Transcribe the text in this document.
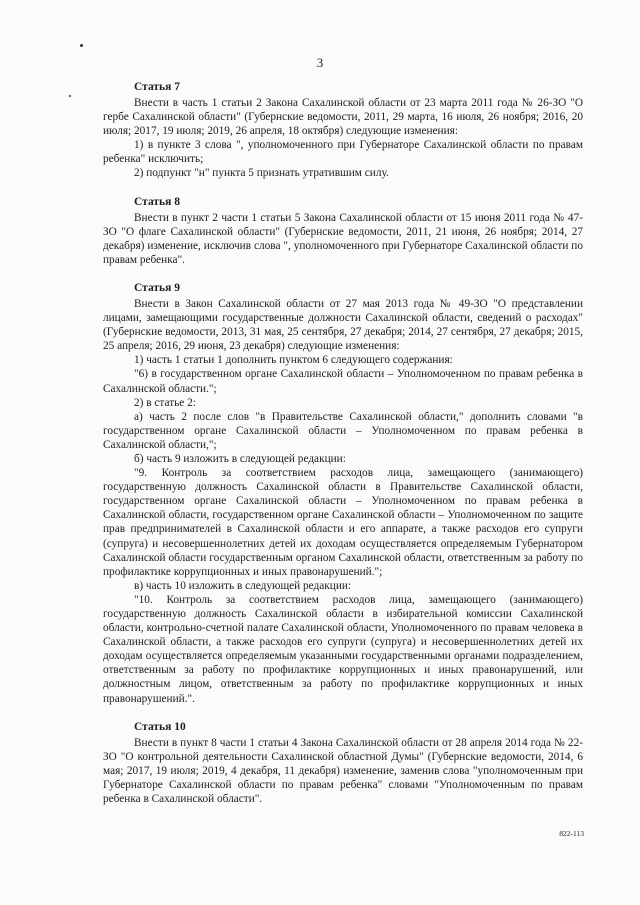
3
Статья 7

Внести в часть 1 статьи 2 Закона Сахалинской области от 23 марта 2011 года № 26-ЗО "О гербе Сахалинской области" (Губернские ведомости, 2011, 29 марта, 16 июля, 26 ноября; 2016, 20 июля; 2017, 19 июля; 2019, 26 апреля, 18 октября) следующие изменения:

1) в пункте 3 слова ", уполномоченного при Губернаторе Сахалинской области по правам ребенка" исключить;

2) подпункт "н" пункта 5 признать утратившим силу.

Статья 8

Внести в пункт 2 части 1 статьи 5 Закона Сахалинской области от 15 июня 2011 года № 47-ЗО "О флаге Сахалинской области" (Губернские ведомости, 2011, 21 июня, 26 ноября; 2014, 27 декабря) изменение, исключив слова ", уполномоченного при Губернаторе Сахалинской области по правам ребенка".

Статья 9

Внести в Закон Сахалинской области от 27 мая 2013 года № 49-ЗО "О представлении лицами, замещающими государственные должности Сахалинской области, сведений о расходах" (Губернские ведомости, 2013, 31 мая, 25 сентября, 27 декабря; 2014, 27 сентября, 27 декабря; 2015, 25 апреля; 2016, 29 июня, 23 декабря) следующие изменения:

1) часть 1 статьи 1 дополнить пунктом 6 следующего содержания:

"6) в государственном органе Сахалинской области – Уполномоченном по правам ребенка в Сахалинской области.";

2) в статье 2:

а) часть 2 после слов "в Правительстве Сахалинской области," дополнить словами "в государственном органе Сахалинской области – Уполномоченном по правам ребенка в Сахалинской области,";

б) часть 9 изложить в следующей редакции:

"9. Контроль за соответствием расходов лица, замещающего (занимающего) государственную должность Сахалинской области в Правительстве Сахалинской области, государственном органе Сахалинской области – Уполномоченном по правам ребенка в Сахалинской области, государственном органе Сахалинской области – Уполномоченном по защите прав предпринимателей в Сахалинской области и его аппарате, а также расходов его супруги (супруга) и несовершеннолетних детей их доходам осуществляется определяемым Губернатором Сахалинской области государственным органом Сахалинской области, ответственным за работу по профилактике коррупционных и иных правонарушений.";

в) часть 10 изложить в следующей редакции:

"10. Контроль за соответствием расходов лица, замещающего (занимающего) государственную должность Сахалинской области в избирательной комиссии Сахалинской области, контрольно-счетной палате Сахалинской области, Уполномоченного по правам человека в Сахалинской области, а также расходов его супруги (супруга) и несовершеннолетних детей их доходам осуществляется определяемым указанными государственными органами подразделением, ответственным за работу по профилактике коррупционных и иных правонарушений, или должностным лицом, ответственным за работу по профилактике коррупционных и иных правонарушений.".

Статья 10

Внести в пункт 8 части 1 статьи 4 Закона Сахалинской области от 28 апреля 2014 года № 22-ЗО "О контрольной деятельности Сахалинской областной Думы" (Губернские ведомости, 2014, 6 мая; 2017, 19 июля; 2019, 4 декабря, 11 декабря) изменение, заменив слова "уполномоченным при Губернаторе Сахалинской области по правам ребенка" словами "Уполномоченным по правам ребенка в Сахалинской области".

822-113
